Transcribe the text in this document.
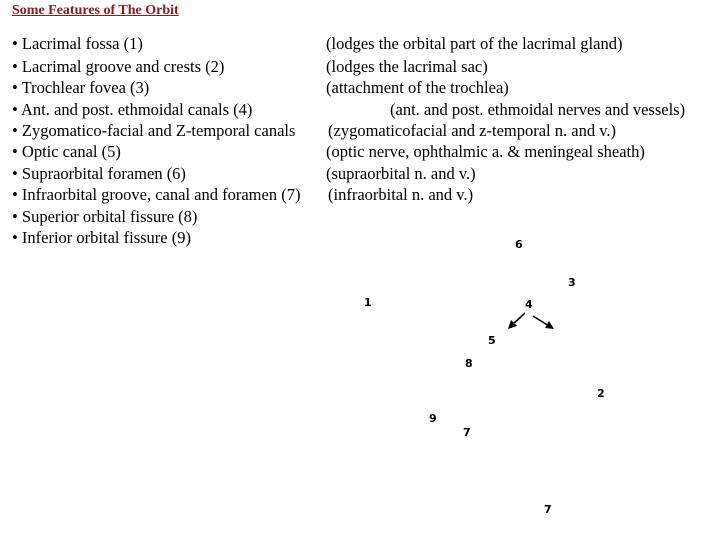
Some Features of The Orbit
• Lacrimal fossa (1)	(lodges the orbital part of the lacrimal gland)
• Lacrimal groove and crests (2)	(lodges the lacrimal sac)
• Trochlear fovea (3)	(attachment of the trochlea)
• Ant. and post. ethmoidal canals (4)	(ant. and post. ethmoidal nerves and vessels)
• Zygomatico-facial and Z-temporal canals (zygomaticofacial and z-temporal n. and v.)
• Optic canal (5)	(optic nerve, ophthalmic a. & meningeal sheath)
• Supraorbital foramen (6)	(supraorbital n. and v.)
• Infraorbital groove, canal and foramen (7) (infraorbital n. and v.)
• Superior orbital fissure (8)
• Inferior orbital fissure (9)	6
3
1	4
5
8
2
9
7
7
